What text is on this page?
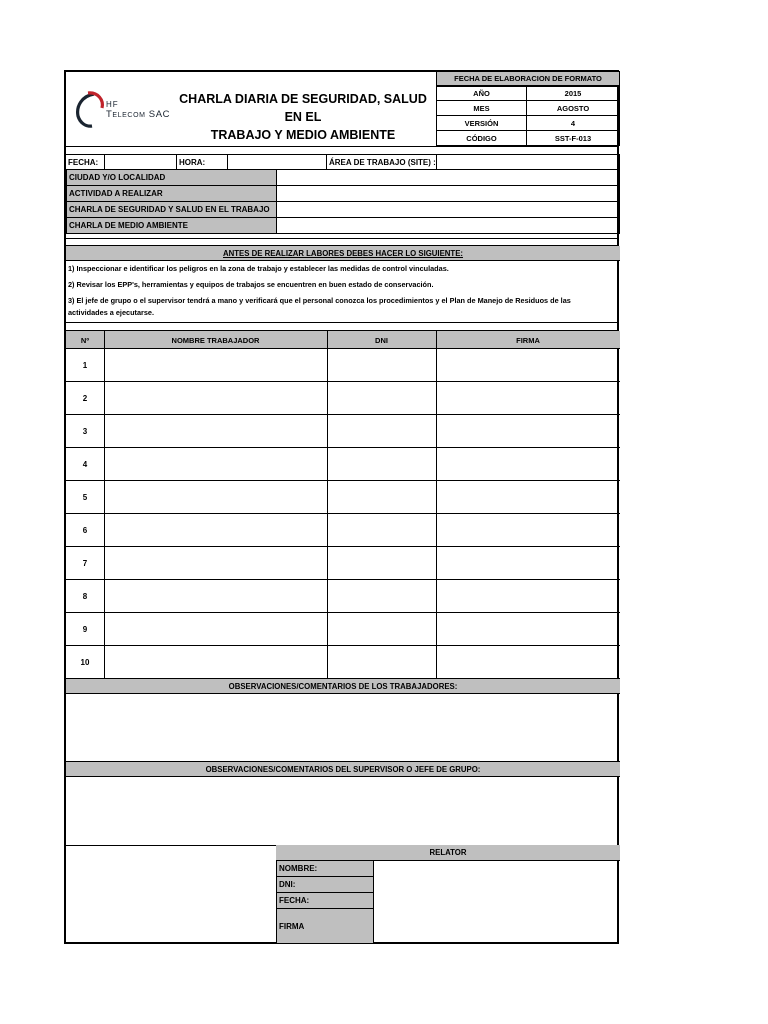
HF
Telecom SAC
CHARLA DIARIA DE SEGURIDAD, SALUD EN EL
TRABAJO Y MEDIO AMBIENTE
FECHA DE ELABORACION DE FORMATO
AÑO	2015
MES	AGOSTO
VERSIÓN	4
CÓDIGO	SST-F-013
FECHA:	HORA:	ÁREA DE TRABAJO (SITE) :
CIUDAD Y/O LOCALIDAD
ACTIVIDAD A REALIZAR
CHARLA DE SEGURIDAD Y SALUD EN EL TRABAJO
CHARLA DE MEDIO AMBIENTE
ANTES DE REALIZAR LABORES DEBES HACER LO SIGUIENTE:
1) Inspeccionar e identificar los peligros en la zona de trabajo y establecer las medidas de control vinculadas.
2) Revisar los EPP's, herramientas y equipos de trabajos se encuentren en buen estado de conservación.
3) El jefe de grupo o el supervisor tendrá a mano y verificará que el personal conozca los procedimientos y el Plan de Manejo de Residuos de las
actividades a ejecutarse.
Nº	NOMBRE TRABAJADOR	DNI	FIRMA
1
2
3
4
5
6
7
8
9
10
OBSERVACIONES/COMENTARIOS DE LOS TRABAJADORES:
OBSERVACIONES/COMENTARIOS DEL SUPERVISOR O JEFE DE GRUPO:
RELATOR
NOMBRE:
DNI:
FECHA:
FIRMA
